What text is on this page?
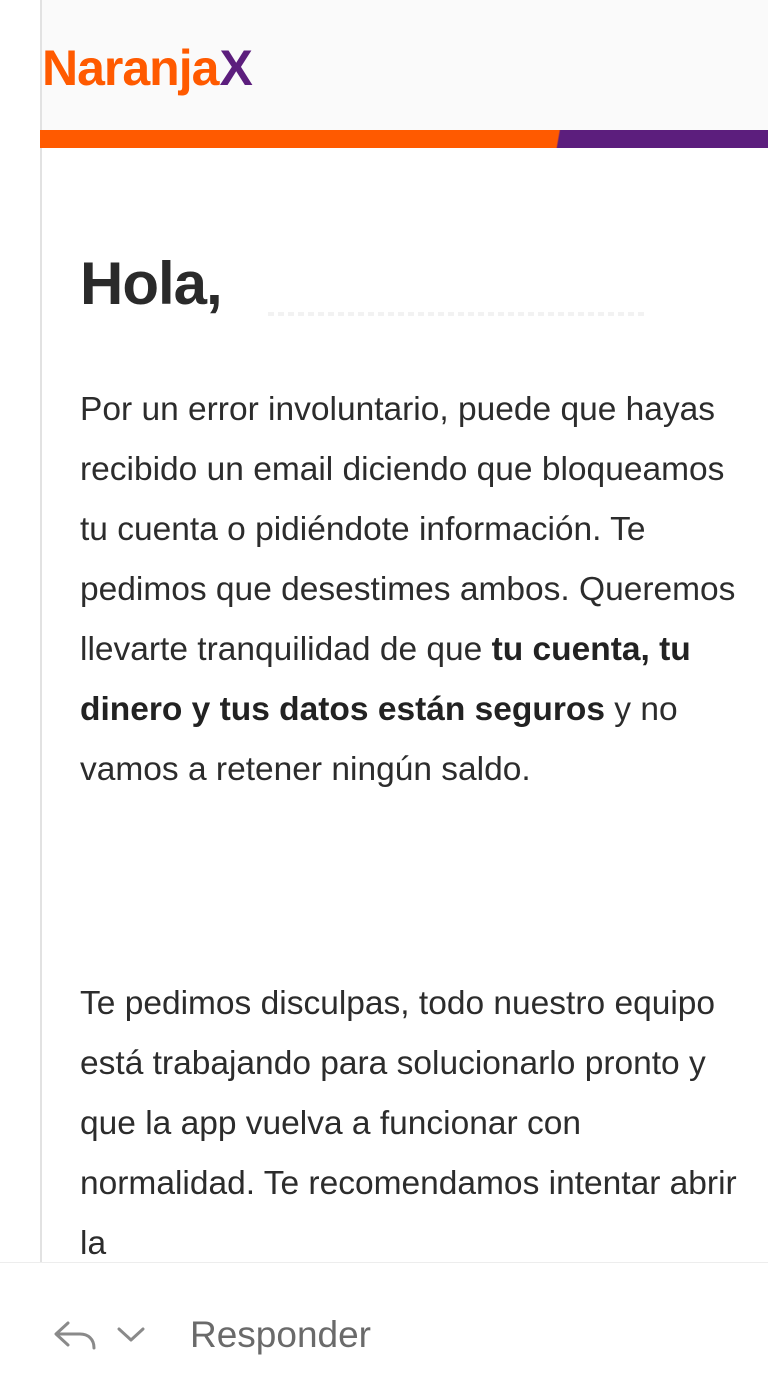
NaranjaX
Hola,

Por un error involuntario, puede que hayas recibido un email diciendo que bloqueamos tu cuenta o pidiéndote información. Te pedimos que desestimes ambos. Queremos llevarte tranquilidad de que tu cuenta, tu dinero y tus datos están seguros y no vamos a retener ningún saldo.

Te pedimos disculpas, todo nuestro equipo está trabajando para solucionarlo pronto y que la app vuelva a funcionar con normalidad. Te recomendamos intentar abrir la

Responder
